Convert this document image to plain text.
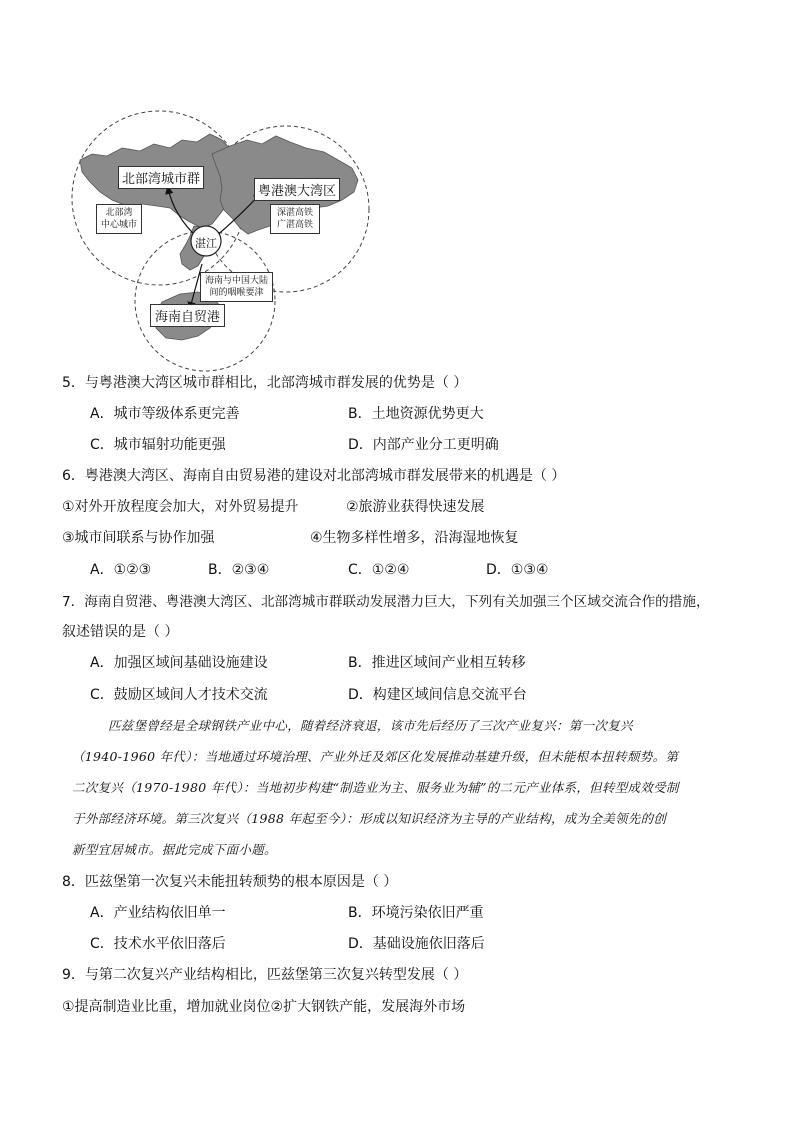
北部湾城市群
粤港澳大湾区
海南自贸港
湛江
北部湾
中心城市
深湛高铁
广湛高铁
海南与中国大陆
间的咽喉要津
5．与粤港澳大湾区城市群相比，北部湾城市群发展的优势是（ ）
A．城市等级体系更完善	B．土地资源优势更大
C．城市辐射功能更强	D．内部产业分工更明确
6．粤港澳大湾区、海南自由贸易港的建设对北部湾城市群发展带来的机遇是（ ）
①对外开放程度会加大，对外贸易提升	②旅游业获得快速发展
③城市间联系与协作加强	④生物多样性增多，沿海湿地恢复
A．①②③	B．②③④	C．①②④	D．①③④
7．海南自贸港、粤港澳大湾区、北部湾城市群联动发展潜力巨大，下列有关加强三个区域交流合作的措施，
叙述错误的是（ ）
A．加强区域间基础设施建设	B．推进区域间产业相互转移
C．鼓励区域间人才技术交流	D．构建区域间信息交流平台
匹兹堡曾经是全球钢铁产业中心，随着经济衰退，该市先后经历了三次产业复兴：第一次复兴
（1940-1960 年代）：当地通过环境治理、产业外迁及郊区化发展推动基建升级，但未能根本扭转颓势。第
二次复兴（1970-1980 年代）：当地初步构建“制造业为主、服务业为辅”的二元产业体系，但转型成效受制
于外部经济环境。第三次复兴（1988 年起至今）：形成以知识经济为主导的产业结构，成为全美领先的创
新型宜居城市。据此完成下面小题。
8．匹兹堡第一次复兴未能扭转颓势的根本原因是（ ）
A．产业结构依旧单一	B．环境污染依旧严重
C．技术水平依旧落后	D．基础设施依旧落后
9．与第二次复兴产业结构相比，匹兹堡第三次复兴转型发展（ ）
①提高制造业比重，增加就业岗位②扩大钢铁产能，发展海外市场
